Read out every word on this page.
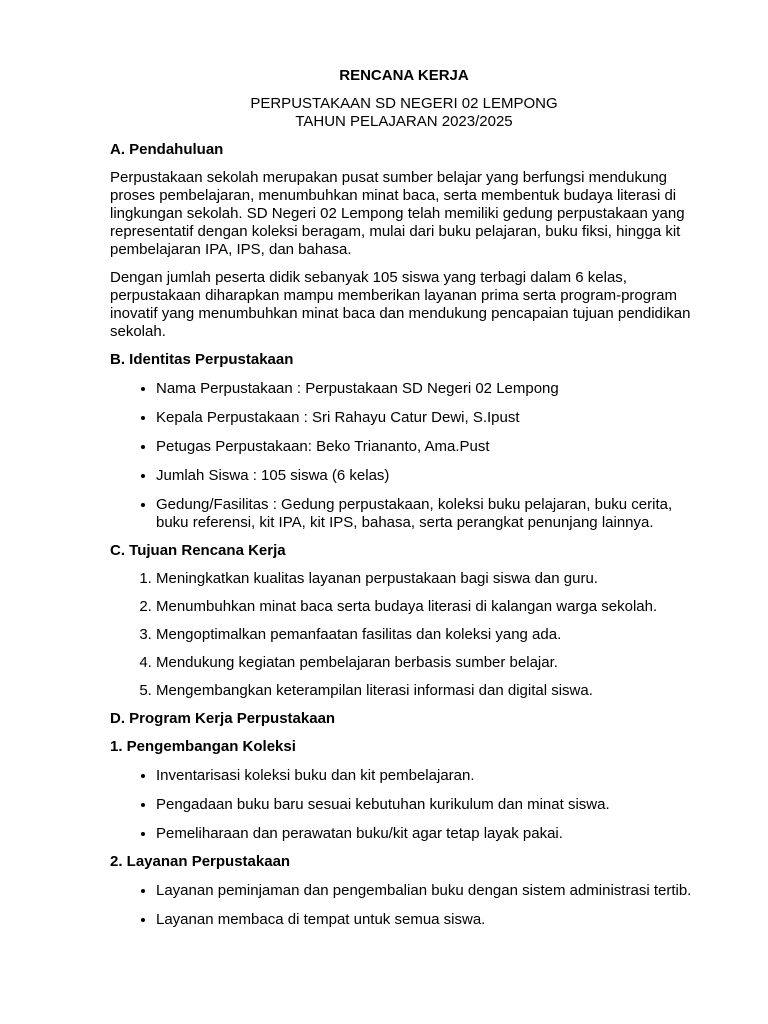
RENCANA KERJA
PERPUSTAKAAN SD NEGERI 02 LEMPONG
TAHUN PELAJARAN 2023/2025
A. Pendahuluan

Perpustakaan sekolah merupakan pusat sumber belajar yang berfungsi mendukung proses pembelajaran, menumbuhkan minat baca, serta membentuk budaya literasi di lingkungan sekolah. SD Negeri 02 Lempong telah memiliki gedung perpustakaan yang representatif dengan koleksi beragam, mulai dari buku pelajaran, buku fiksi, hingga kit pembelajaran IPA, IPS, dan bahasa.

Dengan jumlah peserta didik sebanyak 105 siswa yang terbagi dalam 6 kelas, perpustakaan diharapkan mampu memberikan layanan prima serta program-program inovatif yang menumbuhkan minat baca dan mendukung pencapaian tujuan pendidikan sekolah.

B. Identitas Perpustakaan
• Nama Perpustakaan : Perpustakaan SD Negeri 02 Lempong
• Kepala Perpustakaan : Sri Rahayu Catur Dewi, S.Ipust
• Petugas Perpustakaan: Beko Triananto, Ama.Pust
• Jumlah Siswa : 105 siswa (6 kelas)
• Gedung/Fasilitas : Gedung perpustakaan, koleksi buku pelajaran, buku cerita, buku referensi, kit IPA, kit IPS, bahasa, serta perangkat penunjang lainnya.
C. Tujuan Rencana Kerja
1. Meningkatkan kualitas layanan perpustakaan bagi siswa dan guru.
2. Menumbuhkan minat baca serta budaya literasi di kalangan warga sekolah.
3. Mengoptimalkan pemanfaatan fasilitas dan koleksi yang ada.
4. Mendukung kegiatan pembelajaran berbasis sumber belajar.
5. Mengembangkan keterampilan literasi informasi dan digital siswa.
D. Program Kerja Perpustakaan
1. Pengembangan Koleksi
• Inventarisasi koleksi buku dan kit pembelajaran.
• Pengadaan buku baru sesuai kebutuhan kurikulum dan minat siswa.
• Pemeliharaan dan perawatan buku/kit agar tetap layak pakai.
2. Layanan Perpustakaan
• Layanan peminjaman dan pengembalian buku dengan sistem administrasi tertib.
• Layanan membaca di tempat untuk semua siswa.
